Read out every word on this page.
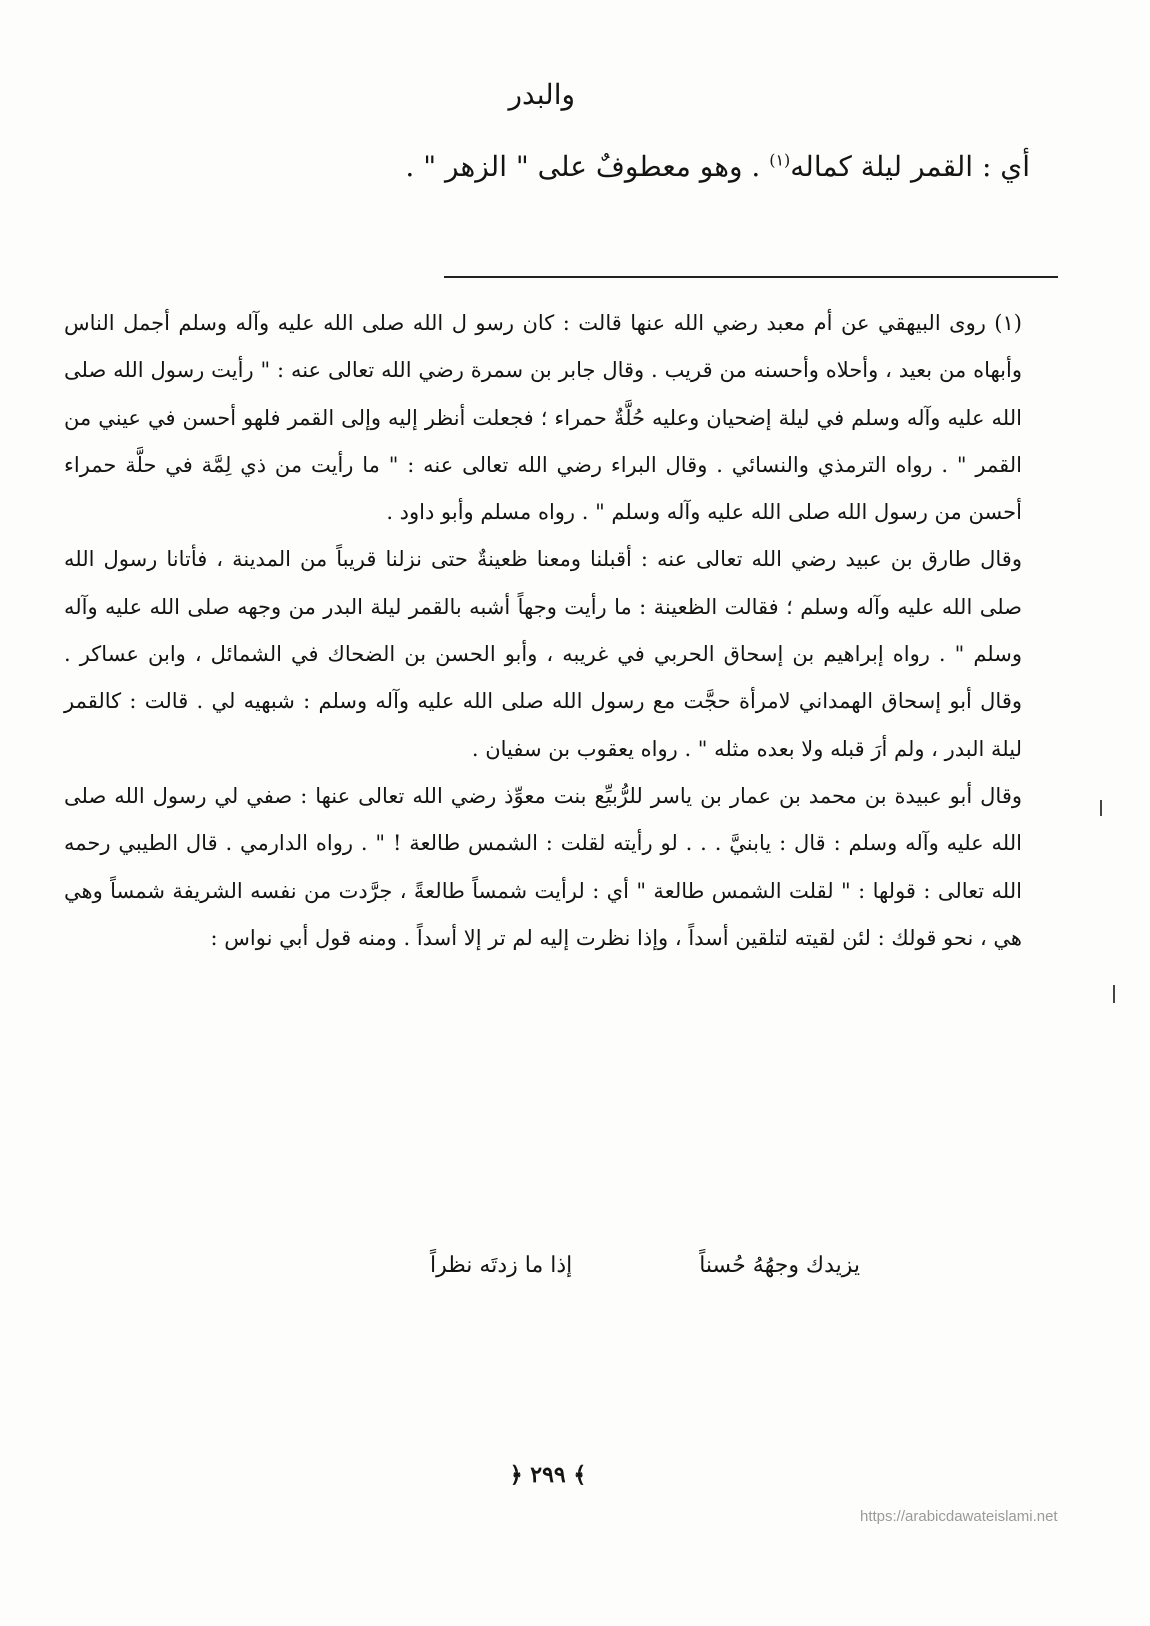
والبدر
أي : القمر ليلة كماله$^{(١)}$ . وهو معطوفٌ على " الزهر " .

(١) روى البيهقي عن أم معبد رضي الله عنها قالت : كان رسو ل الله صلى الله عليه وآله وسلم أجمل الناس وأبهاه من بعيد ، وأحلاه وأحسنه من قريب . وقال جابر بن سمرة رضي الله تعالى عنه : " رأيت رسول الله صلى الله عليه وآله وسلم في ليلة إضحيان وعليه حُلَّةٌ حمراء ؛ فجعلت أنظر إليه وإلى القمر فلهو أحسن في عيني من القمر " . رواه الترمذي والنسائي . وقال البراء رضي الله تعالى عنه : " ما رأيت من ذي لِمَّة في حلَّة حمراء أحسن من رسول الله صلى الله عليه وآله وسلم " . رواه مسلم وأبو داود .

وقال طارق بن عبيد رضي الله تعالى عنه : أقبلنا ومعنا ظعينةٌ حتى نزلنا قريباً من المدينة ، فأتانا رسول الله صلى الله عليه وآله وسلم ؛ فقالت الظعينة : ما رأيت وجهاً أشبه بالقمر ليلة البدر من وجهه صلى الله عليه وآله وسلم " . رواه إبراهيم بن إسحاق الحربي في غريبه ، وأبو الحسن بن الضحاك في الشمائل ، وابن عساكر . وقال أبو إسحاق الهمداني لامرأة حجَّت مع رسول الله صلى الله عليه وآله وسلم : شبهيه لي . قالت : كالقمر ليلة البدر ، ولم أرَ قبله ولا بعده مثله " . رواه يعقوب بن سفيان .

وقال أبو عبيدة بن محمد بن عمار بن ياسر للرُّبيِّع بنت معوِّذ رضي الله تعالى عنها : صفي لي رسول الله صلى الله عليه وآله وسلم : قال : يابنيَّ . . . لو رأيته لقلت : الشمس طالعة ! " . رواه الدارمي . قال الطيبي رحمه الله تعالى : قولها : " لقلت الشمس طالعة " أي : لرأيت شمساً طالعةً ، جرَّدت من نفسه الشريفة شمساً وهي هي ، نحو قولك : لئن لقيته لتلقين أسداً ، وإذا نظرت إليه لم تر إلا أسداً . ومنه قول أبي نواس :

يزيدك وجهُهُ حُسناً
إذا ما زدتَه نظراً
﴿ ٢٩٩ ﴾
https://arabicdawateislami.net
